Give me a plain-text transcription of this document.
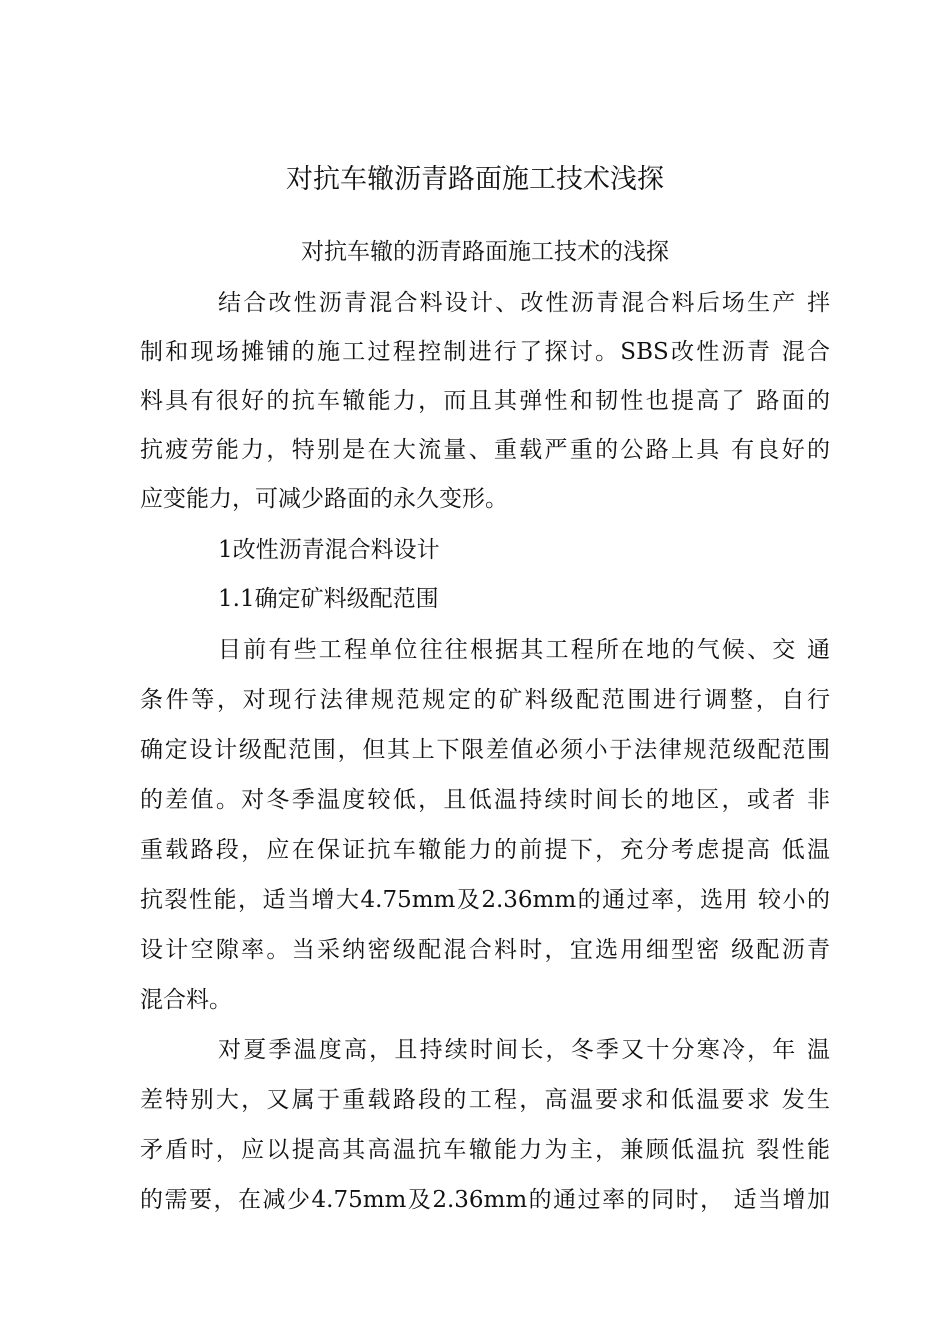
对抗车辙沥青路面施工技术浅探
对抗车辙的沥青路面施工技术的浅探
结合改性沥青混合料设计、改性沥青混合料后场生产 拌
制和现场摊铺的施工过程控制进行了探讨。SBS改性沥青 混合
料具有很好的抗车辙能力，而且其弹性和韧性也提高了 路面的
抗疲劳能力，特别是在大流量、重载严重的公路上具 有良好的
应变能力，可减少路面的永久变形。
1改性沥青混合料设计
1.1确定矿料级配范围
目前有些工程单位往往根据其工程所在地的气候、交 通
条件等，对现行法律规范规定的矿料级配范围进行调整，自行
确定设计级配范围，但其上下限差值必须小于法律规范级配范围
的差值。对冬季温度较低，且低温持续时间长的地区，或者 非
重载路段，应在保证抗车辙能力的前提下，充分考虑提高 低温
抗裂性能，适当增大4.75mm及2.36mm的通过率，选用 较小的
设计空隙率。当采纳密级配混合料时，宜选用细型密 级配沥青
混合料。
对夏季温度高，且持续时间长，冬季又十分寒冷，年 温
差特别大，又属于重载路段的工程，高温要求和低温要求 发生
矛盾时，应以提高其高温抗车辙能力为主，兼顾低温抗 裂性能
的需要，在减少4.75mm及2.36mm的通过率的同时， 适当增加
